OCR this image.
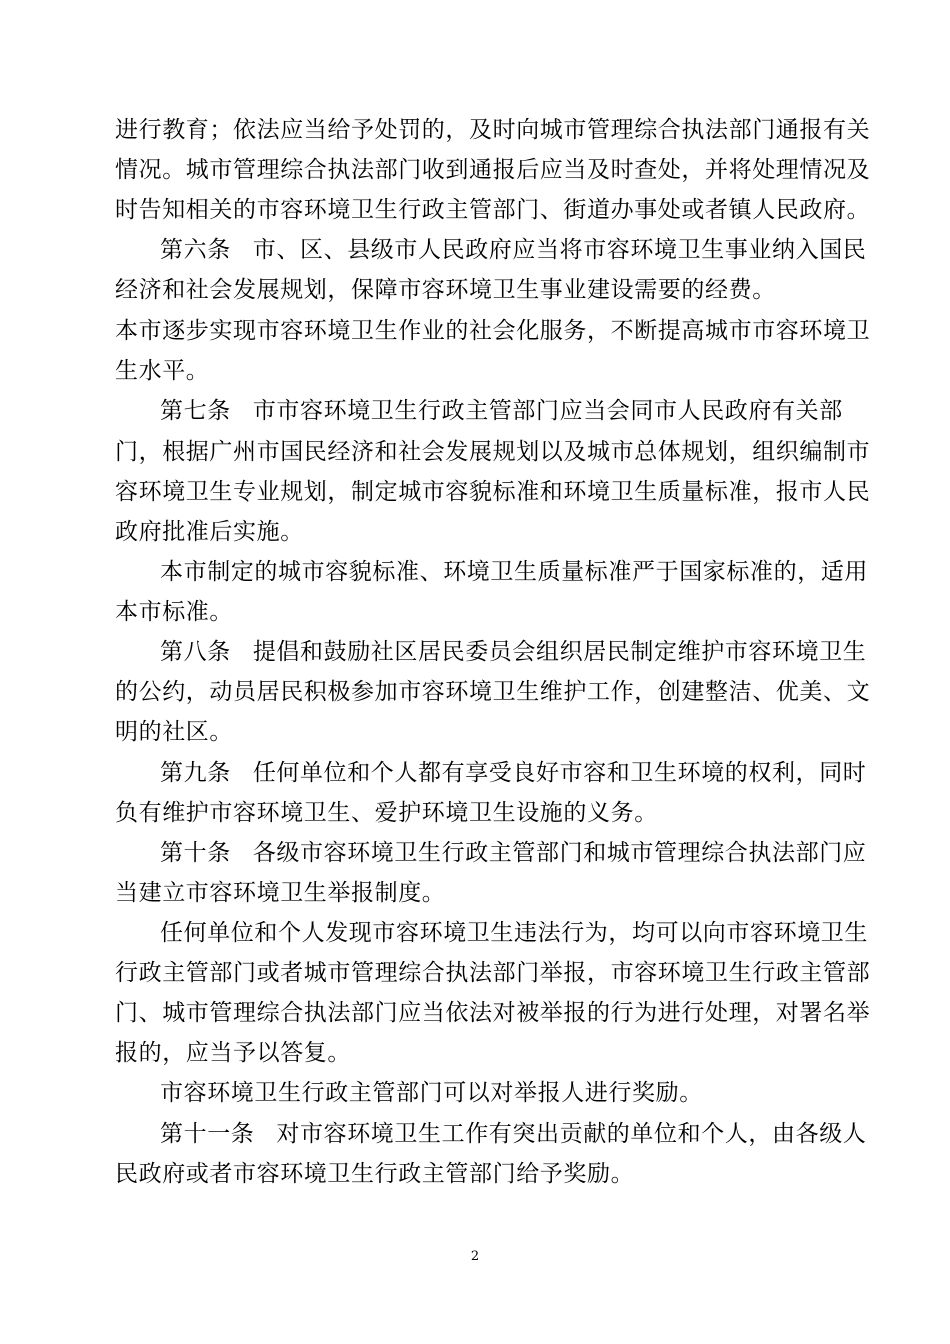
进行教育；依法应当给予处罚的，及时向城市管理综合执法部门通报有关
情况。城市管理综合执法部门收到通报后应当及时查处，并将处理情况及
时告知相关的市容环境卫生行政主管部门、街道办事处或者镇人民政府。
第六条 市、区、县级市人民政府应当将市容环境卫生事业纳入国民
经济和社会发展规划，保障市容环境卫生事业建设需要的经费。
本市逐步实现市容环境卫生作业的社会化服务，不断提高城市市容环境卫
生水平。
第七条 市市容环境卫生行政主管部门应当会同市人民政府有关部
门，根据广州市国民经济和社会发展规划以及城市总体规划，组织编制市
容环境卫生专业规划，制定城市容貌标准和环境卫生质量标准，报市人民
政府批准后实施。
本市制定的城市容貌标准、环境卫生质量标准严于国家标准的，适用
本市标准。
第八条 提倡和鼓励社区居民委员会组织居民制定维护市容环境卫生
的公约，动员居民积极参加市容环境卫生维护工作，创建整洁、优美、文
明的社区。
第九条 任何单位和个人都有享受良好市容和卫生环境的权利，同时
负有维护市容环境卫生、爱护环境卫生设施的义务。
第十条 各级市容环境卫生行政主管部门和城市管理综合执法部门应
当建立市容环境卫生举报制度。
任何单位和个人发现市容环境卫生违法行为，均可以向市容环境卫生
行政主管部门或者城市管理综合执法部门举报，市容环境卫生行政主管部
门、城市管理综合执法部门应当依法对被举报的行为进行处理，对署名举
报的，应当予以答复。
市容环境卫生行政主管部门可以对举报人进行奖励。
第十一条 对市容环境卫生工作有突出贡献的单位和个人，由各级人
民政府或者市容环境卫生行政主管部门给予奖励。
2
